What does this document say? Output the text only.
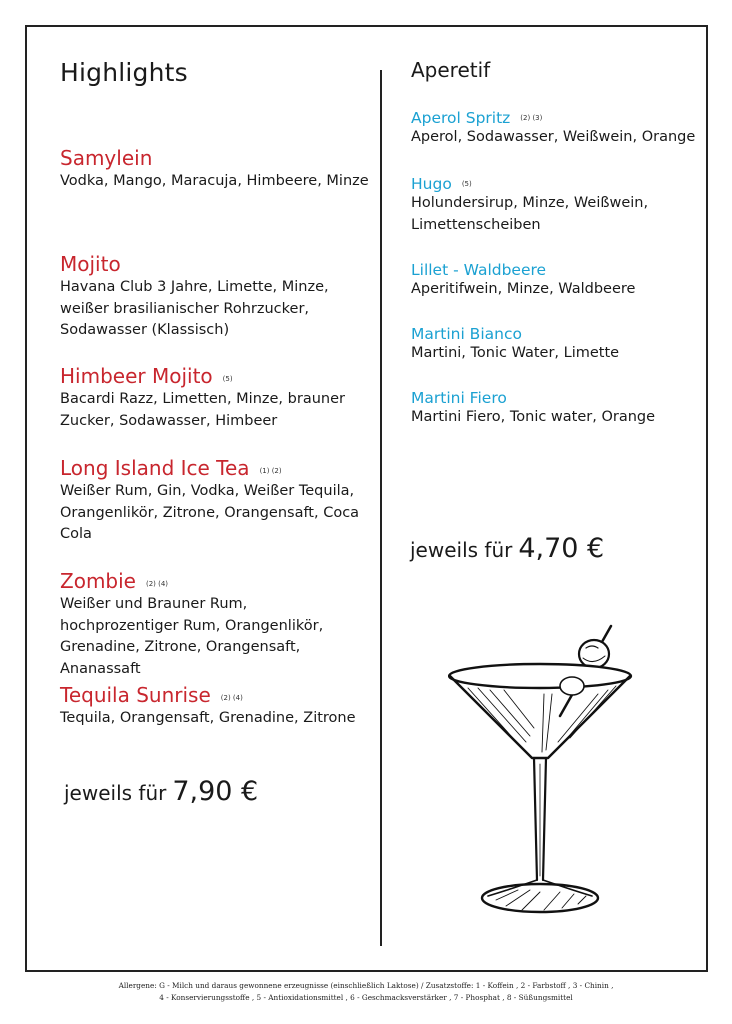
Highlights
Samylein
Vodka, Mango, Maracuja, Himbeere, Minze
Mojito
Havana Club 3 Jahre, Limette, Minze, weißer brasilianischer Rohrzucker, Sodawasser (Klassisch)
Himbeer Mojito (5)
Bacardi Razz, Limetten, Minze, brauner Zucker, Sodawasser, Himbeer
Long Island Ice Tea (1) (2)
Weißer Rum, Gin, Vodka, Weißer Tequila, Orangenlikör, Zitrone, Orangensaft, Coca Cola
Zombie (2) (4)
Weißer und Brauner Rum, hochprozentiger Rum, Orangenlikör, Grenadine, Zitrone, Orangensaft, Ananassaft
Tequila Sunrise (2) (4)
Tequila, Orangensaft, Grenadine, Zitrone
jeweils für 7,90 €
Aperetif
Aperol Spritz (2) (3)
Aperol, Sodawasser, Weißwein, Orange
Hugo (5)
Holundersirup, Minze, Weißwein, Limettenscheiben
Lillet - Waldbeere
Aperitifwein, Minze, Waldbeere
Martini Bianco
Martini, Tonic Water, Limette
Martini Fiero
Martini Fiero, Tonic water, Orange
jeweils für 4,70 €
Allergene: G - Milch und daraus gewonnene erzeugnisse (einschließlich Laktose) / Zusatzstoffe: 1 - Koffein , 2 - Farbstoff , 3 - Chinin ,
4 - Konservierungsstoffe , 5 - Antioxidationsmittel , 6 - Geschmacksverstärker , 7 - Phosphat , 8 - Süßungsmittel
